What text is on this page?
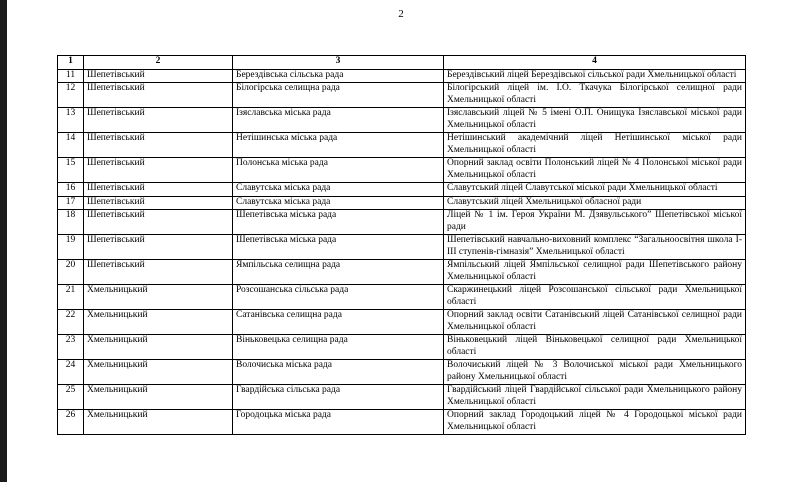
2
1	2	3	4
11	Шепетівський	Берездівська сільська рада	Берездівський ліцей Берездівської сільської ради Хмельницької області
12	Шепетівський	Білогірська селищна рада	Білогірський ліцей ім. І.О. Ткачука Білогірської селищної ради Хмельницької області
13	Шепетівський	Ізяславська міська рада	Ізяславський ліцей № 5 імені О.П. Онищука Ізяславської міської ради Хмельницької області
14	Шепетівський	Нетішинська міська рада	Нетішинський академічний ліцей Нетішинської міської ради Хмельницької області
15	Шепетівський	Полонська міська рада	Опорний заклад освіти Полонський ліцей № 4 Полонської міської ради Хмельницької області
16	Шепетівський	Славутська міська рада	Славутський ліцей Славутської міської ради Хмельницької області
17	Шепетівський	Славутська міська рада	Славутський ліцей Хмельницької обласної ради
18	Шепетівський	Шепетівська міська рада	Ліцей № 1 ім. Героя України М. Дзявульського” Шепетівської міської ради
19	Шепетівський	Шепетівська міська рада	Шепетівський навчально-виховний комплекс “Загальноосвітня школа І-ІІІ ступенів-гімназія” Хмельницької області
20	Шепетівський	Ямпільська селищна рада	Ямпільський ліцей Ямпільської селищної ради Шепетівського району Хмельницької області
21	Хмельницький	Розсошанська сільська рада	Скаржинецький ліцей Розсошанської сільської ради Хмельницької області
22	Хмельницький	Сатанівська селищна рада	Опорний заклад освіти Сатанівський ліцей Сатанівської селищної ради Хмельницької області
23	Хмельницький	Віньковецька селищна рада	Віньковецький ліцей Віньковецької селищної ради Хмельницької області
24	Хмельницький	Волочиська міська рада	Волочиський ліцей № 3 Волочиської міської ради Хмельницького району Хмельницької області
25	Хмельницький	Гвардійська сільська рада	Гвардійський ліцей Гвардійської сільської ради Хмельницького району Хмельницької області
26	Хмельницький	Городоцька міська рада	Опорний заклад Городоцький ліцей № 4 Городоцької міської ради Хмельницької області
